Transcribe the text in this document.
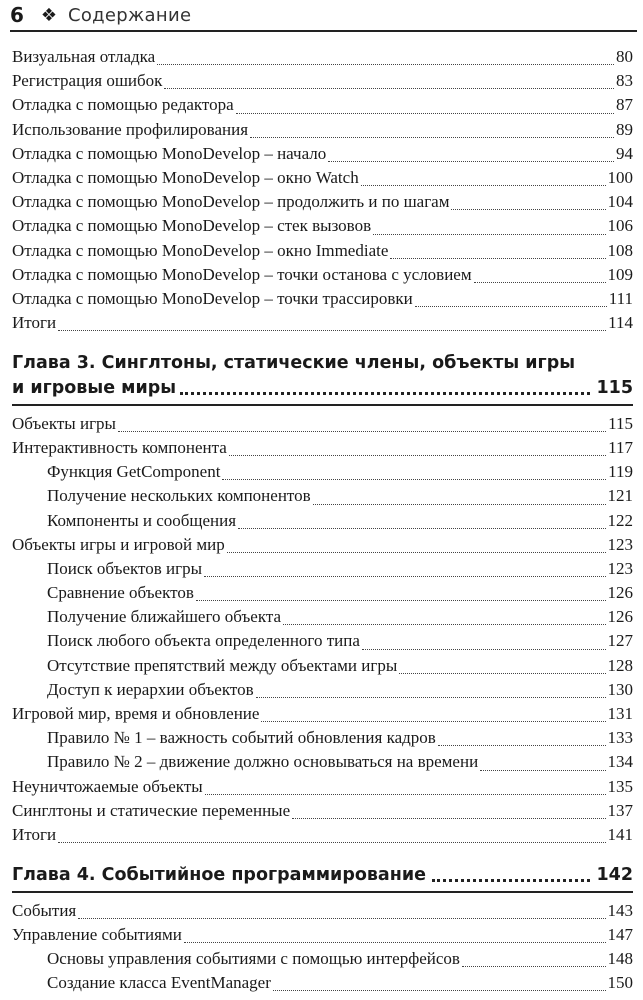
6 ❖ Содержание
Визуальная отладка	80
Регистрация ошибок	83
Отладка с помощью редактора	87
Использование профилирования	89
Отладка с помощью MonoDevelop – начало	94
Отладка с помощью MonoDevelop – окно Watch	100
Отладка с помощью MonoDevelop – продолжить и по шагам	104
Отладка с помощью MonoDevelop – стек вызовов	106
Отладка с помощью MonoDevelop – окно Immediate	108
Отладка с помощью MonoDevelop – точки останова с условием	109
Отладка с помощью MonoDevelop – точки трассировки	111
Итоги	114
Глава 3. Синглтоны, статические члены, объекты игры
и игровые миры	115
Объекты игры	115
Интерактивность компонента	117
Функция GetComponent	119
Получение нескольких компонентов	121
Компоненты и сообщения	122
Объекты игры и игровой мир	123
Поиск объектов игры	123
Сравнение объектов	126
Получение ближайшего объекта	126
Поиск любого объекта определенного типа	127
Отсутствие препятствий между объектами игры	128
Доступ к иерархии объектов	130
Игровой мир, время и обновление	131
Правило № 1 – важность событий обновления кадров	133
Правило № 2 – движение должно основываться на времени	134
Неуничтожаемые объекты	135
Синглтоны и статические переменные	137
Итоги	141
Глава 4. Событийное программирование	142
События	143
Управление событиями	147
Основы управления событиями с помощью интерфейсов	148
Создание класса EventManager	150
